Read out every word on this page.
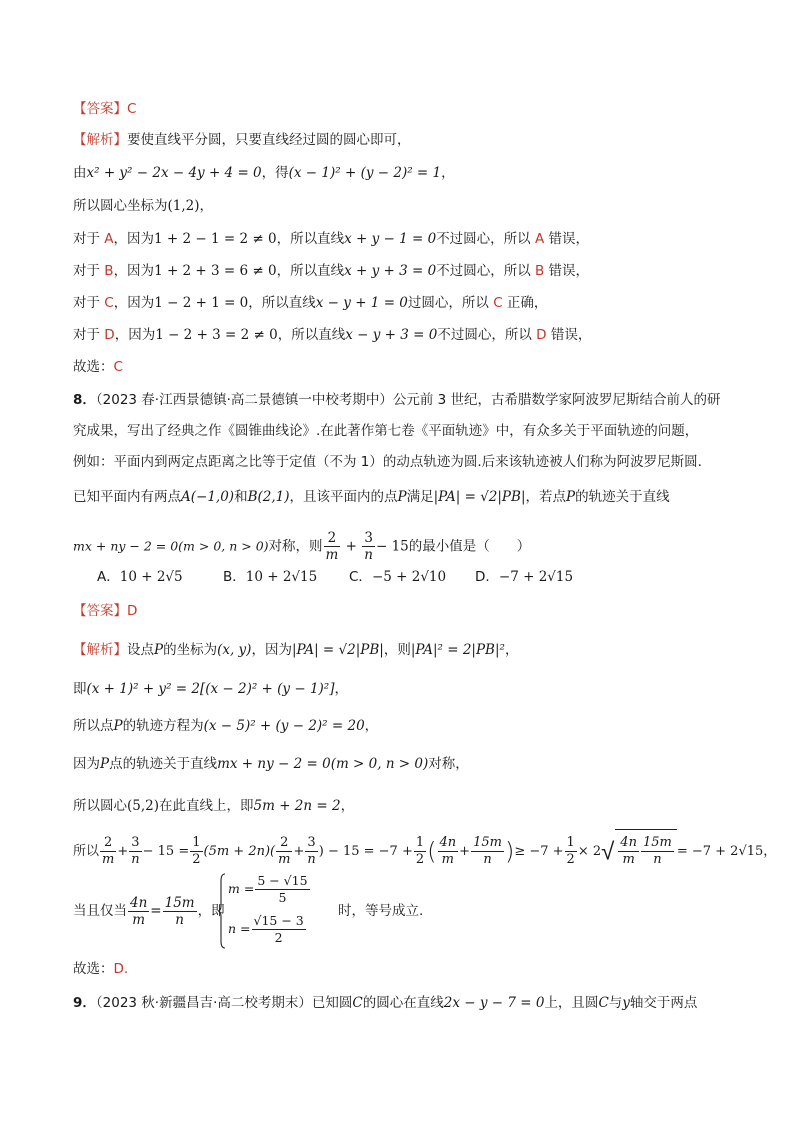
【答案】C
【解析】要使直线平分圆，只要直线经过圆的圆心即可，
由x² + y² − 2x − 4y + 4 = 0，得(x − 1)² + (y − 2)² = 1，
所以圆心坐标为(1,2)，
对于 A，因为1 + 2 − 1 = 2 ≠ 0，所以直线x + y − 1 = 0不过圆心，所以 A 错误，
对于 B，因为1 + 2 + 3 = 6 ≠ 0，所以直线x + y + 3 = 0不过圆心，所以 B 错误，
对于 C，因为1 − 2 + 1 = 0，所以直线x − y + 1 = 0过圆心，所以 C 正确，
对于 D，因为1 − 2 + 3 = 2 ≠ 0，所以直线x − y + 3 = 0不过圆心，所以 D 错误，
故选：C
8．（2023 春·江西景德镇·高二景德镇一中校考期中）公元前 3 世纪，古希腊数学家阿波罗尼斯结合前人的研
究成果，写出了经典之作《圆锥曲线论》.在此著作第七卷《平面轨迹》中，有众多关于平面轨迹的问题，
例如：平面内到两定点距离之比等于定值（不为 1）的动点轨迹为圆.后来该轨迹被人们称为阿波罗尼斯圆.
已知平面内有两点A(−1,0)和B(2,1)，且该平面内的点P满足|PA| = √2|PB|，若点P的轨迹关于直线
mx + ny − 2 = 0(m > 0, n > 0)对称，则 $\frac{2}{m} + \frac{3}{n} - 15$的最小值是（　　）
A．10 + 2√5	B．10 + 2√15 C．−5 + 2√10 D．−7 + 2√15
【答案】D
【解析】设点P的坐标为(x, y)，因为|PA| = √2|PB|，则|PA|² = 2|PB|²，
即(x + 1)² + y² = 2[(x − 2)² + (y − 1)²]，
所以点P的轨迹方程为(x − 5)² + (y − 2)² = 20，
因为P点的轨迹关于直线mx + ny − 2 = 0(m > 0, n > 0)对称，
所以圆心(5,2)在此直线上，即5m + 2n = 2，
所以 $\frac{2}{m} + \frac{3}{n} - 15 = \frac{1}{2} (5m + 2n)( \frac{2}{m} + \frac{3}{n}$ ) − $15 = -7 + \frac{1}{2}$ ( $\frac{4n}{m} + \frac{15m}{n}$ )≥ $-7 + \frac{1}{2} \times 2√ \frac{4n}{m} \frac{15m}{n} = -7 + 2√15$，
当且仅当 $\frac{4n}{m} = \frac{15m}{n}$ ，即
$m = \frac{5 - √15}{5}$
$n = \frac{√15 - 3}{2}$
时，等号成立.
故选：D.
9．（2023 秋·新疆昌吉·高二校考期末）已知圆C的圆心在直线2x − y − 7 = 0上，且圆C与y轴交于两点
